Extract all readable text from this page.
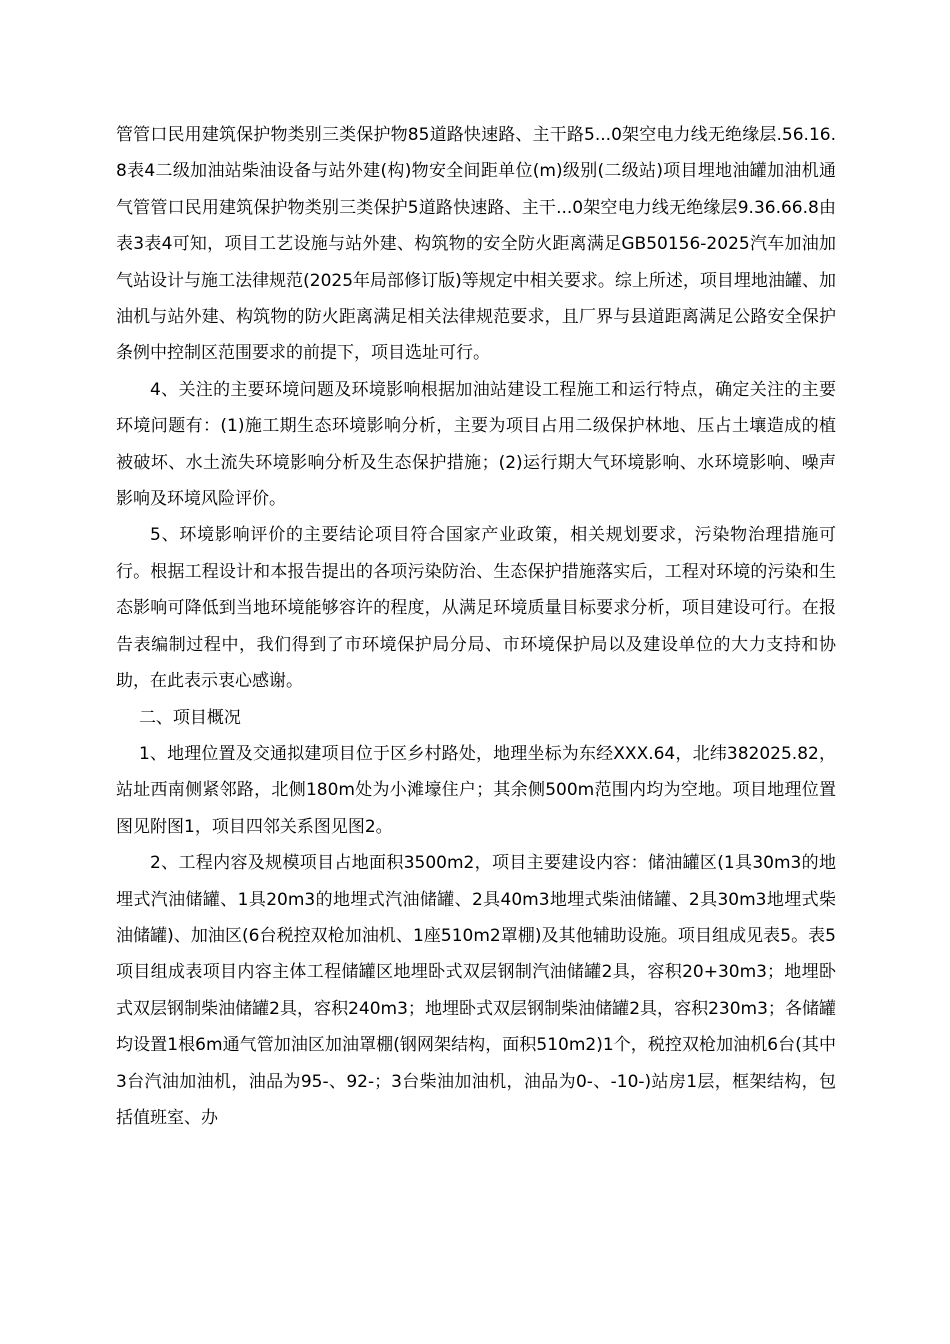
管管口民用建筑保护物类别三类保护物85道路快速路、主干路5...0架空电力线无绝缘层.56.16.8表4二级加油站柴油设备与站外建(构)物安全间距单位(m)级别(二级站)项目埋地油罐加油机通气管管口民用建筑保护物类别三类保护5道路快速路、主干...0架空电力线无绝缘层9.36.66.8由表3表4可知，项目工艺设施与站外建、构筑物的安全防火距离满足GB50156-2025汽车加油加气站设计与施工法律规范(2025年局部修订版)等规定中相关要求。综上所述，项目埋地油罐、加油机与站外建、构筑物的防火距离满足相关法律规范要求，且厂界与县道距离满足公路安全保护条例中控制区范围要求的前提下，项目选址可行。

4、关注的主要环境问题及环境影响根据加油站建设工程施工和运行特点，确定关注的主要环境问题有：(1)施工期生态环境影响分析，主要为项目占用二级保护林地、压占土壤造成的植被破坏、水土流失环境影响分析及生态保护措施；(2)运行期大气环境影响、水环境影响、噪声影响及环境风险评价。

5、环境影响评价的主要结论项目符合国家产业政策，相关规划要求，污染物治理措施可行。根据工程设计和本报告提出的各项污染防治、生态保护措施落实后，工程对环境的污染和生态影响可降低到当地环境能够容许的程度，从满足环境质量目标要求分析，项目建设可行。在报告表编制过程中，我们得到了市环境保护局分局、市环境保护局以及建设单位的大力支持和协助，在此表示衷心感谢。

二、项目概况

1、地理位置及交通拟建项目位于区乡村路处，地理坐标为东经XXX.64，北纬382025.82，站址西南侧紧邻路，北侧180m处为小滩壕住户；其余侧500m范围内均为空地。项目地理位置图见附图1，项目四邻关系图见图2。

2、工程内容及规模项目占地面积3500m2，项目主要建设内容：储油罐区(1具30m3的地埋式汽油储罐、1具20m3的地埋式汽油储罐、2具40m3地埋式柴油储罐、2具30m3地埋式柴油储罐)、加油区(6台税控双枪加油机、1座510m2罩棚)及其他辅助设施。项目组成见表5。表5项目组成表项目内容主体工程储罐区地埋卧式双层钢制汽油储罐2具，容积20+30m3；地埋卧式双层钢制柴油储罐2具，容积240m3；地埋卧式双层钢制柴油储罐2具，容积230m3；各储罐均设置1根6m通气管加油区加油罩棚(钢网架结构，面积510m2)1个，税控双枪加油机6台(其中3台汽油加油机，油品为95-、92-；3台柴油加油机，油品为0-、-10-)站房1层，框架结构，包括值班室、办
